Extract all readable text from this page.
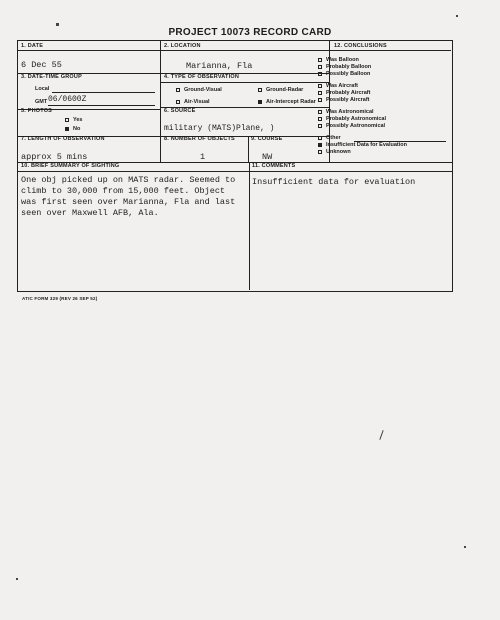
PROJECT 10073 RECORD CARD
1. DATE
6 Dec 55
2. LOCATION
Marianna, Fla
3. DATE-TIME GROUP
Local
GMT 06/0600Z
4. TYPE OF OBSERVATION
Ground-Visual	Ground-Radar
Air-Visual	Air-Intercept Radar
5. PHOTOS
Yes
No
6. SOURCE
military (MATS)Plane, )
7. LENGTH OF OBSERVATION
approx 5 mins
8. NUMBER OF OBJECTS
1
9. COURSE
NW
10. BRIEF SUMMARY OF SIGHTING
One obj picked up on MATS radar. Seemed to
climb to 30,000 from 15,000 feet. Object
was first seen over Marianna, Fla and last
seen over Maxwell AFB, Ala.
11. COMMENTS
Insufficient data for evaluation
12. CONCLUSIONS
Was Balloon
Probably Balloon
Possibly Balloon
Was Aircraft
Probably Aircraft
Possibly Aircraft
Was Astronomical
Probably Astronomical
Possibly Astronomical
Other
Insufficient Data for Evaluation
Unknown
ATIC FORM 329 (REV 26 SEP 52)
